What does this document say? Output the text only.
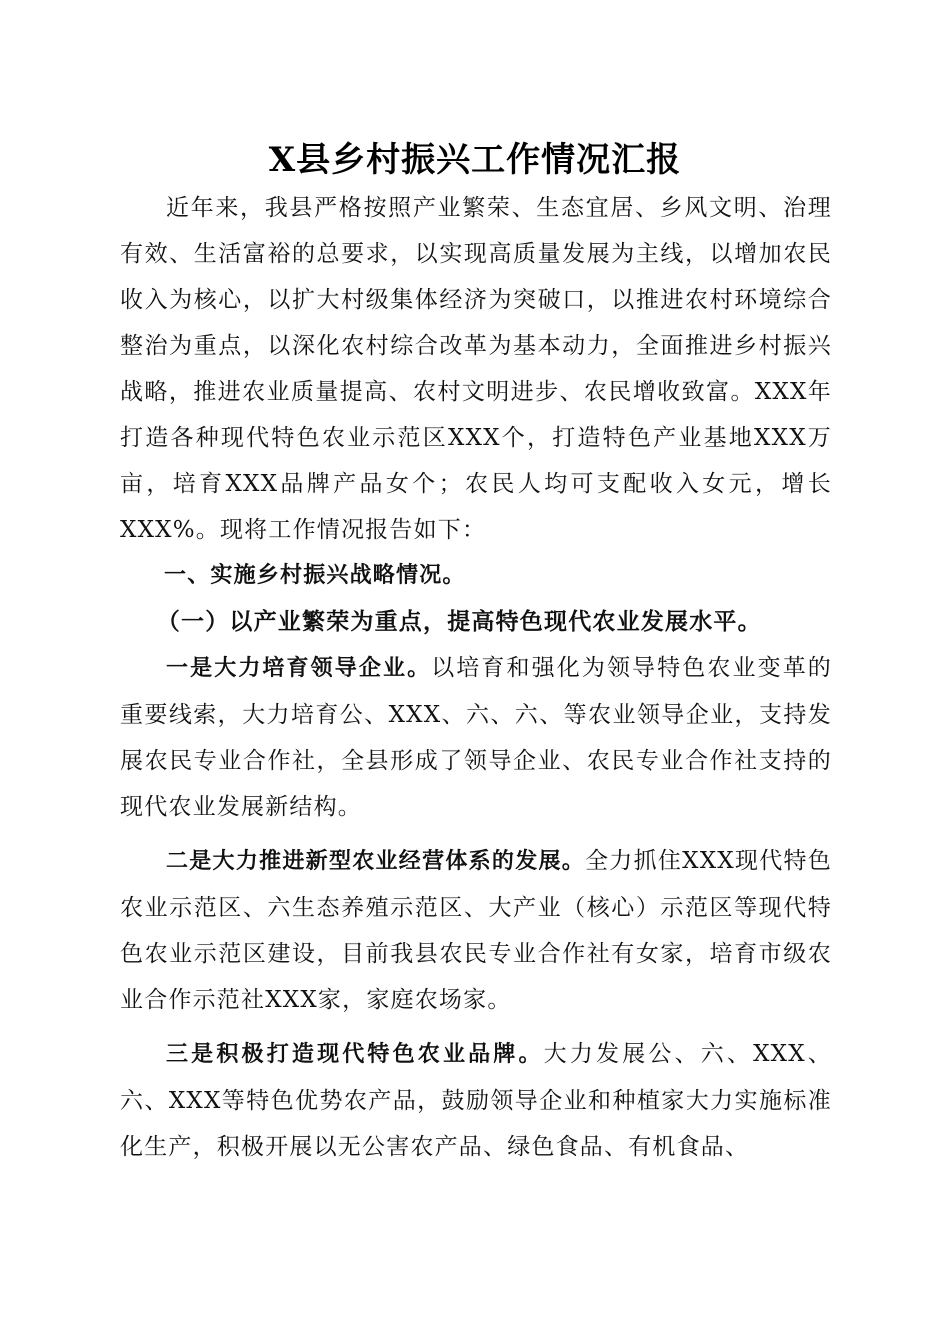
X县乡村振兴工作情况汇报

近年来，我县严格按照产业繁荣、生态宜居、乡风文明、治理有效、生活富裕的总要求，以实现高质量发展为主线，以增加农民收入为核心，以扩大村级集体经济为突破口，以推进农村环境综合整治为重点，以深化农村综合改革为基本动力，全面推进乡村振兴战略，推进农业质量提高、农村文明进步、农民增收致富。XXX年打造各种现代特色农业示范区XXX个，打造特色产业基地XXX万亩，培育XXX品牌产品女个；农民人均可支配收入女元，增长XXX%。现将工作情况报告如下：

一、实施乡村振兴战略情况。

（一）以产业繁荣为重点，提高特色现代农业发展水平。

一是大力培育领导企业。以培育和强化为领导特色农业变革的重要线索，大力培育公、XXX、六、六、等农业领导企业，支持发展农民专业合作社，全县形成了领导企业、农民专业合作社支持的现代农业发展新结构。

二是大力推进新型农业经营体系的发展。全力抓住XXX现代特色农业示范区、六生态养殖示范区、大产业（核心）示范区等现代特色农业示范区建设，目前我县农民专业合作社有女家，培育市级农业合作示范社XXX家，家庭农场家。

三是积极打造现代特色农业品牌。大力发展公、六、XXX、六、XXX等特色优势农产品，鼓励领导企业和种植家大力实施标准化生产，积极开展以无公害农产品、绿色食品、有机食品、
